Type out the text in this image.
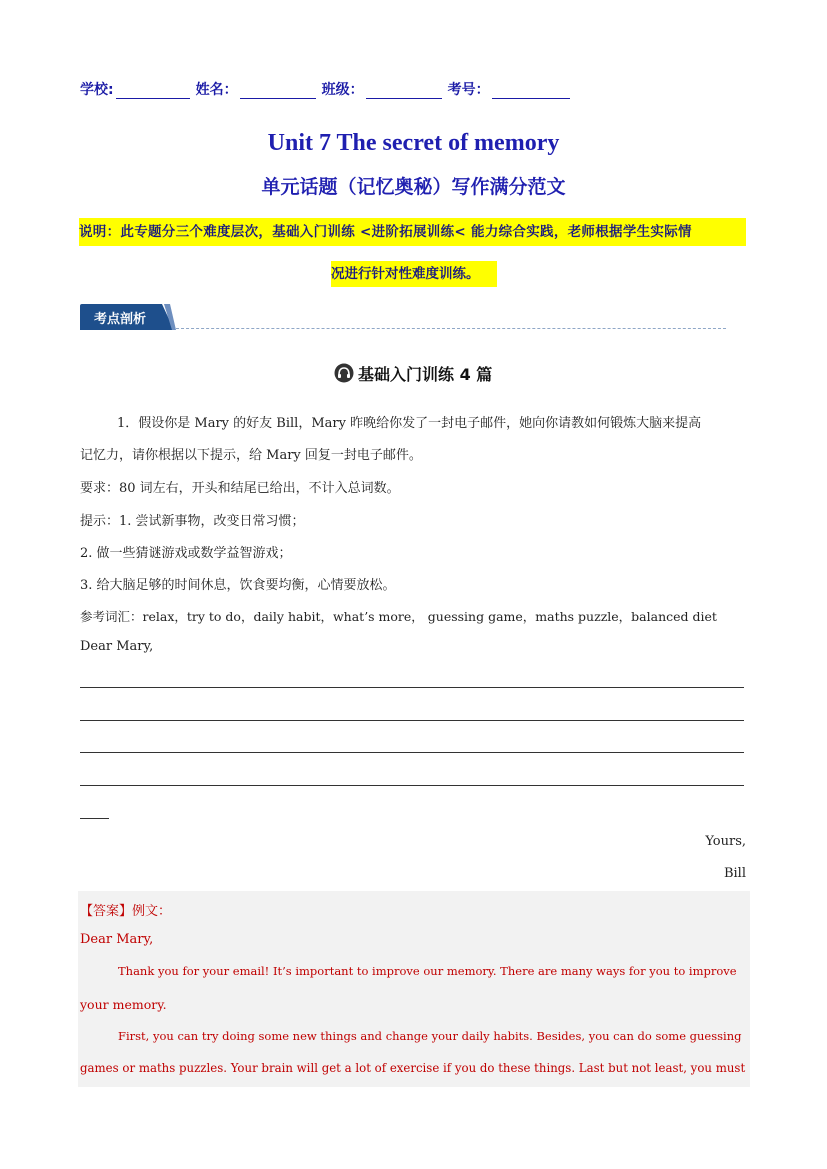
学校:	姓名：	班级：	考号：
Unit 7 The secret of memory
单元话题（记忆奥秘）写作满分范文
说明：此专题分三个难度层次，基础入门训练 <进阶拓展训练< 能力综合实践，老师根据学生实际情
况进行针对性难度训练。
考点剖析
基础入门训练 4 篇
1．假设你是 Mary 的好友 Bill，Mary 昨晚给你发了一封电子邮件，她向你请教如何锻炼大脑来提高
记忆力，请你根据以下提示，给 Mary 回复一封电子邮件。
要求：80 词左右，开头和结尾已给出，不计入总词数。
提示：1. 尝试新事物，改变日常习惯；
2. 做一些猜谜游戏或数学益智游戏；
3. 给大脑足够的时间休息，饮食要均衡，心情要放松。
参考词汇：relax，try to do，daily habit，what’s more， guessing game，maths puzzle，balanced diet
Dear Mary,
Yours,
Bill
【答案】例文：
Dear Mary,
Thank you for your email! It’s important to improve our memory. There are many ways for you to improve
your memory.
First, you can try doing some new things and change your daily habits. Besides, you can do some guessing
games or maths puzzles. Your brain will get a lot of exercise if you do these things. Last but not least, you must
